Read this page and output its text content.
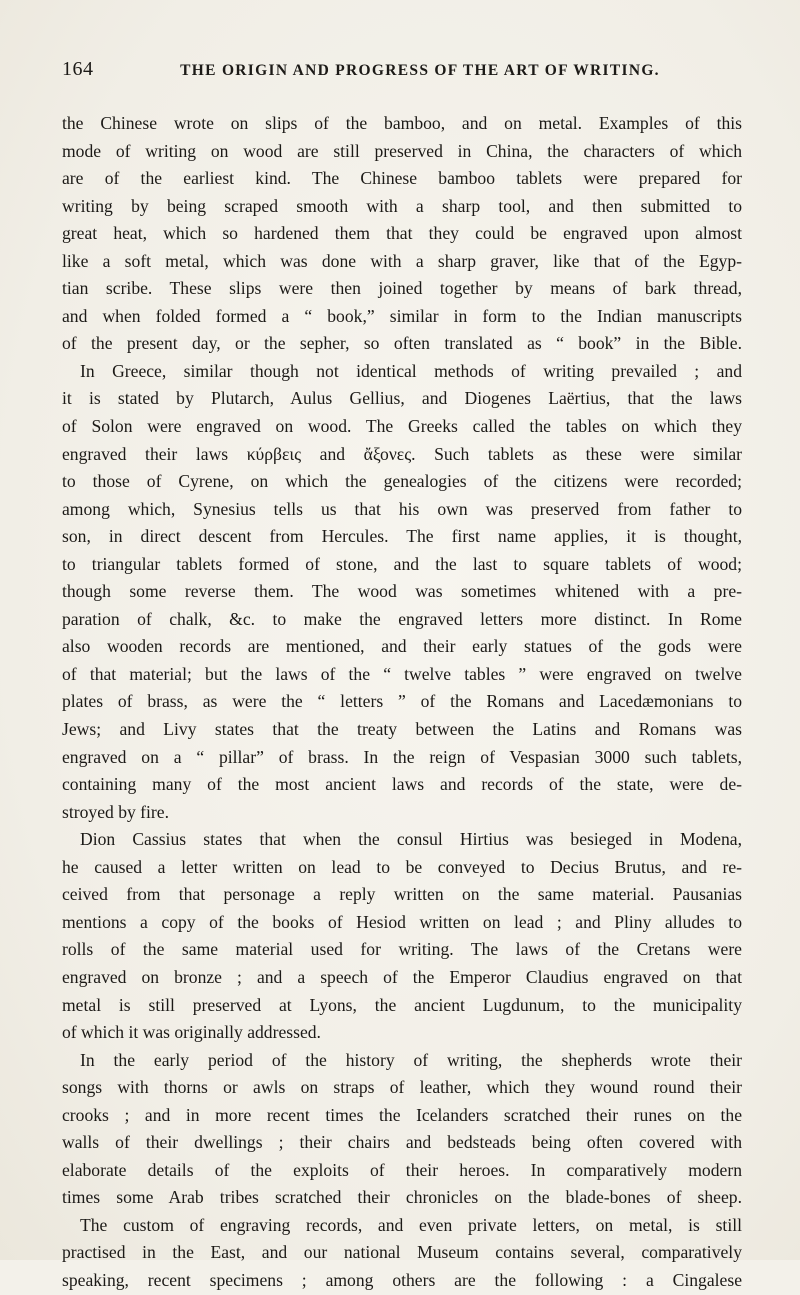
164	THE ORIGIN AND PROGRESS OF THE ART OF WRITING.
the Chinese wrote on slips of the bamboo, and on metal. Examples of this
mode of writing on wood are still preserved in China, the characters of which
are of the earliest kind. The Chinese bamboo tablets were prepared for
writing by being scraped smooth with a sharp tool, and then submitted to
great heat, which so hardened them that they could be engraved upon almost
like a soft metal, which was done with a sharp graver, like that of the Egyp-
tian scribe. These slips were then joined together by means of bark thread,
and when folded formed a “ book,” similar in form to the Indian manuscripts
of the present day, or the sepher, so often translated as “ book” in the Bible.
In Greece, similar though not identical methods of writing prevailed ; and
it is stated by Plutarch, Aulus Gellius, and Diogenes Laërtius, that the laws
of Solon were engraved on wood. The Greeks called the tables on which they
engraved their laws κύρβεις and ἄξονες. Such tablets as these were similar
to those of Cyrene, on which the genealogies of the citizens were recorded;
among which, Synesius tells us that his own was preserved from father to
son, in direct descent from Hercules. The first name applies, it is thought,
to triangular tablets formed of stone, and the last to square tablets of wood;
though some reverse them. The wood was sometimes whitened with a pre-
paration of chalk, &c. to make the engraved letters more distinct. In Rome
also wooden records are mentioned, and their early statues of the gods were
of that material; but the laws of the “ twelve tables ” were engraved on twelve
plates of brass, as were the “ letters ” of the Romans and Lacedæmonians to
Jews; and Livy states that the treaty between the Latins and Romans was
engraved on a “ pillar” of brass. In the reign of Vespasian 3000 such tablets,
containing many of the most ancient laws and records of the state, were de-
stroyed by fire.
Dion Cassius states that when the consul Hirtius was besieged in Modena,
he caused a letter written on lead to be conveyed to Decius Brutus, and re-
ceived from that personage a reply written on the same material. Pausanias
mentions a copy of the books of Hesiod written on lead ; and Pliny alludes to
rolls of the same material used for writing. The laws of the Cretans were
engraved on bronze ; and a speech of the Emperor Claudius engraved on that
metal is still preserved at Lyons, the ancient Lugdunum, to the municipality
of which it was originally addressed.
In the early period of the history of writing, the shepherds wrote their
songs with thorns or awls on straps of leather, which they wound round their
crooks ; and in more recent times the Icelanders scratched their runes on the
walls of their dwellings ; their chairs and bedsteads being often covered with
elaborate details of the exploits of their heroes. In comparatively modern
times some Arab tribes scratched their chronicles on the blade-bones of sheep.
The custom of engraving records, and even private letters, on metal, is still
practised in the East, and our national Museum contains several, comparatively
speaking, recent specimens ; among others are the following : a Cingalese
